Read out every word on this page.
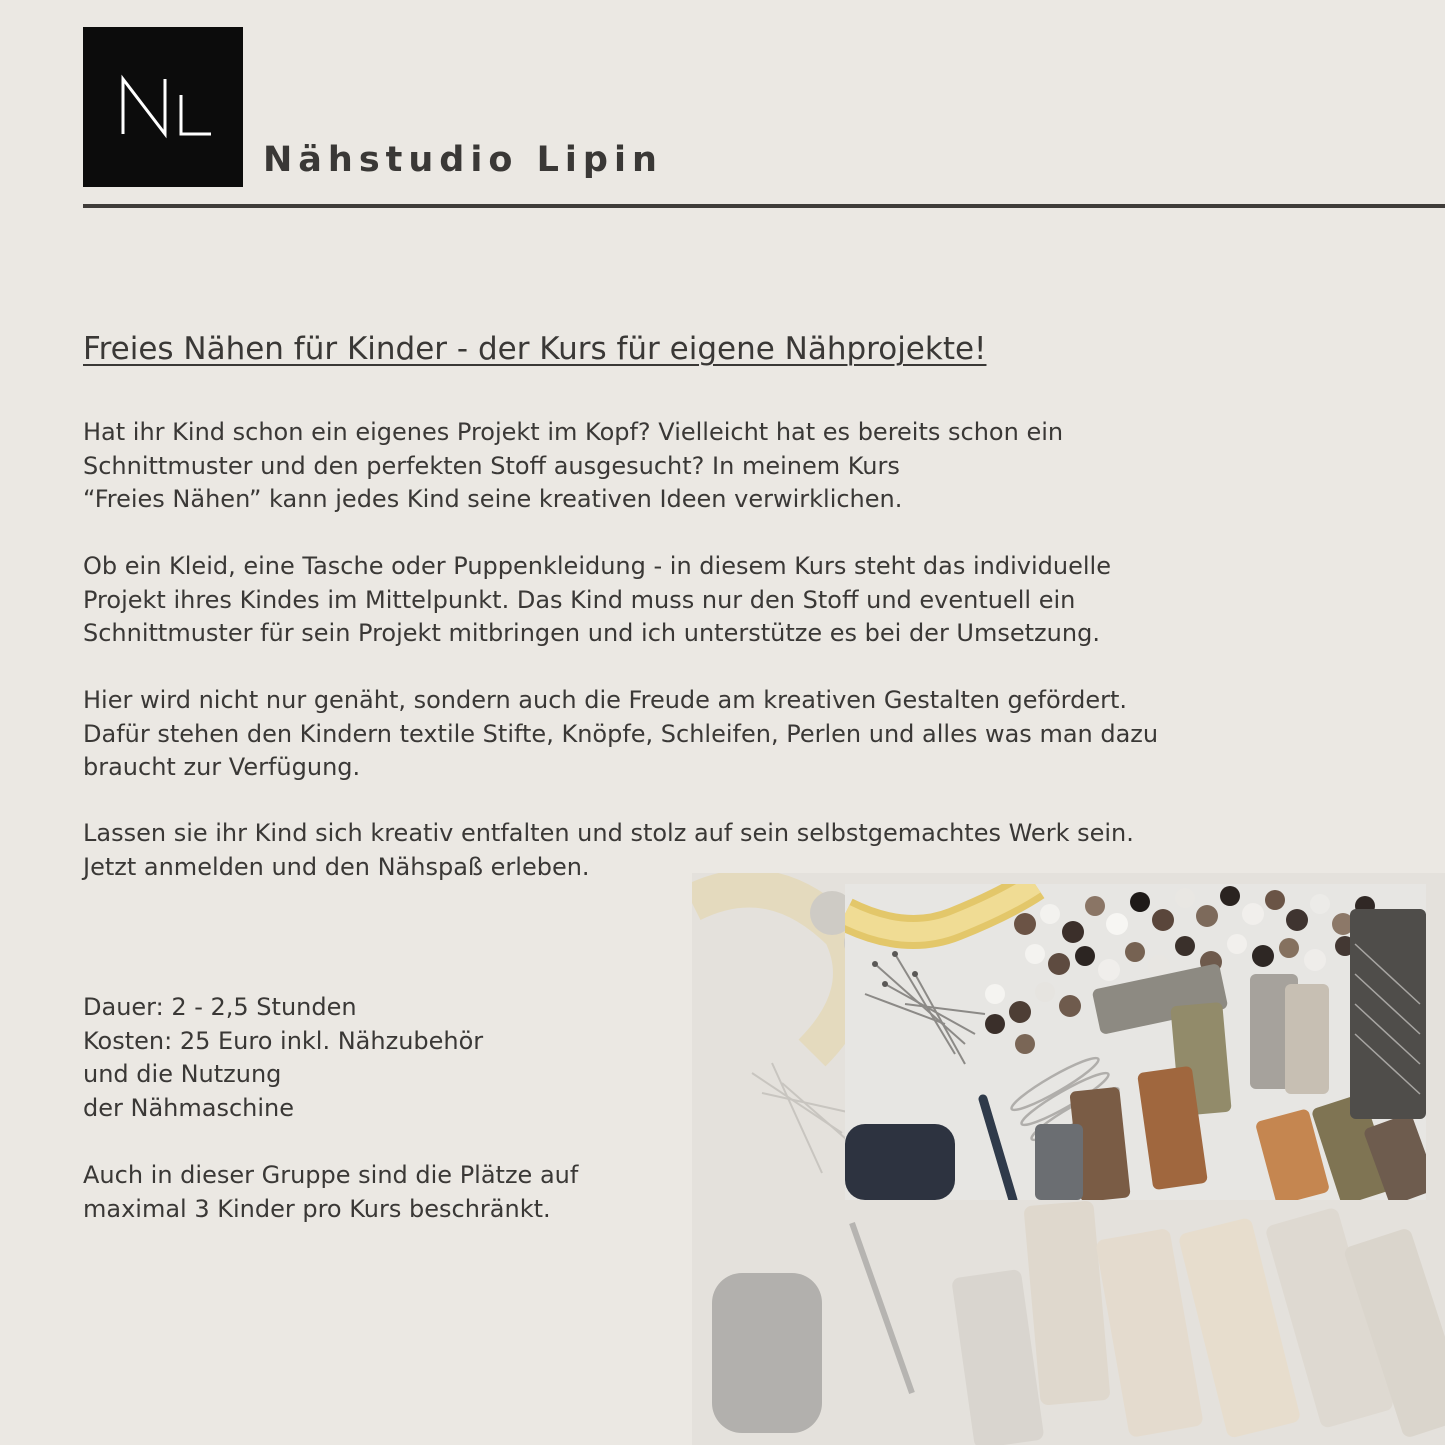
Nähstudio Lipin
Freies Nähen für Kinder - der Kurs für eigene Nähprojekte!

Hat ihr Kind schon ein eigenes Projekt im Kopf? Vielleicht hat es bereits schon ein
Schnittmuster und den perfekten Stoff ausgesucht? In meinem Kurs
“Freies Nähen” kann jedes Kind seine kreativen Ideen verwirklichen.

Ob ein Kleid, eine Tasche oder Puppenkleidung - in diesem Kurs steht das individuelle
Projekt ihres Kindes im Mittelpunkt. Das Kind muss nur den Stoff und eventuell ein
Schnittmuster für sein Projekt mitbringen und ich unterstütze es bei der Umsetzung.

Hier wird nicht nur genäht, sondern auch die Freude am kreativen Gestalten gefördert.
Dafür stehen den Kindern textile Stifte, Knöpfe, Schleifen, Perlen und alles was man dazu
braucht zur Verfügung.

Lassen sie ihr Kind sich kreativ entfalten und stolz auf sein selbstgemachtes Werk sein.
Jetzt anmelden und den Nähspaß erleben.

Dauer: 2 - 2,5 Stunden
Kosten: 25 Euro inkl. Nähzubehör
und die Nutzung
der Nähmaschine

Auch in dieser Gruppe sind die Plätze auf
maximal 3 Kinder pro Kurs beschränkt.
